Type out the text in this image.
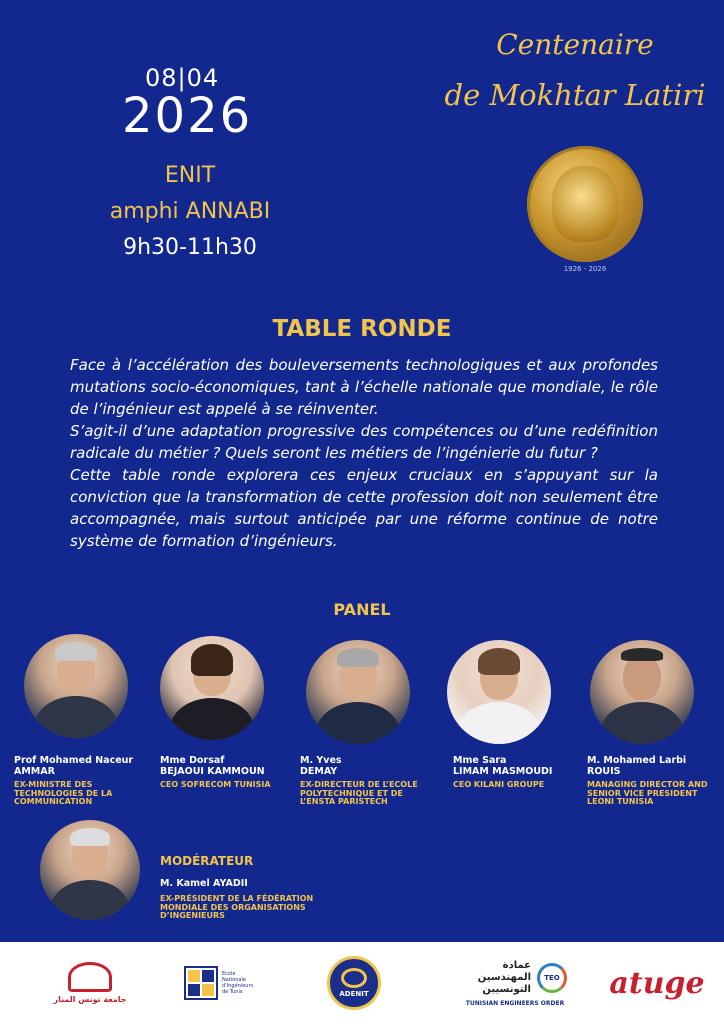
08|04
2026
ENIT
amphi ANNABI
9h30-11h30
Centenaire
de Mokhtar Latiri
1926 - 2026
TABLE RONDE

Face à l’accélération des bouleversements technologiques et aux profondes mutations socio-économiques, tant à l’échelle nationale que mondiale, le rôle de l’ingénieur est appelé à se réinventer.

S’agit-il d’une adaptation progressive des compétences ou d’une redéfinition radicale du métier ? Quels seront les métiers de l’ingénierie du futur ?

Cette table ronde explorera ces enjeux cruciaux en s’appuyant sur la conviction que la transformation de cette profession doit non seulement être accompagnée, mais surtout anticipée par une réforme continue de notre système de formation d’ingénieurs.

PANEL
Prof Mohamed Naceur
AMMAR
EX-MINISTRE DES TECHNOLOGIES DE LA COMMUNICATION
Mme Dorsaf
BEJAOUI KAMMOUN
CEO SOFRECOM TUNISIA
M. Yves
DEMAY
EX-DIRECTEUR DE L’ECOLE POLYTECHNIQUE ET DE L’ENSTA PARISTECH
Mme Sara
LIMAM MASMOUDI
CEO KILANI GROUPE
M. Mohamed Larbi
ROUIS
MANAGING DIRECTOR AND SENIOR VICE PRESIDENT LEONI TUNISIA
MODÉRATEUR
M. Kamel AYADII
EX-PRÉSIDENT DE LA FÉDÉRATION MONDIALE DES ORGANISATIONS D’INGENIEURS
جامعة تونس المنار
Ecole Nationale d’Ingénieurs de Tunis	ADENIT
عمادة المهندسين التونسيين
TEO
TUNISIAN ENGINEERS ORDER
atuge
